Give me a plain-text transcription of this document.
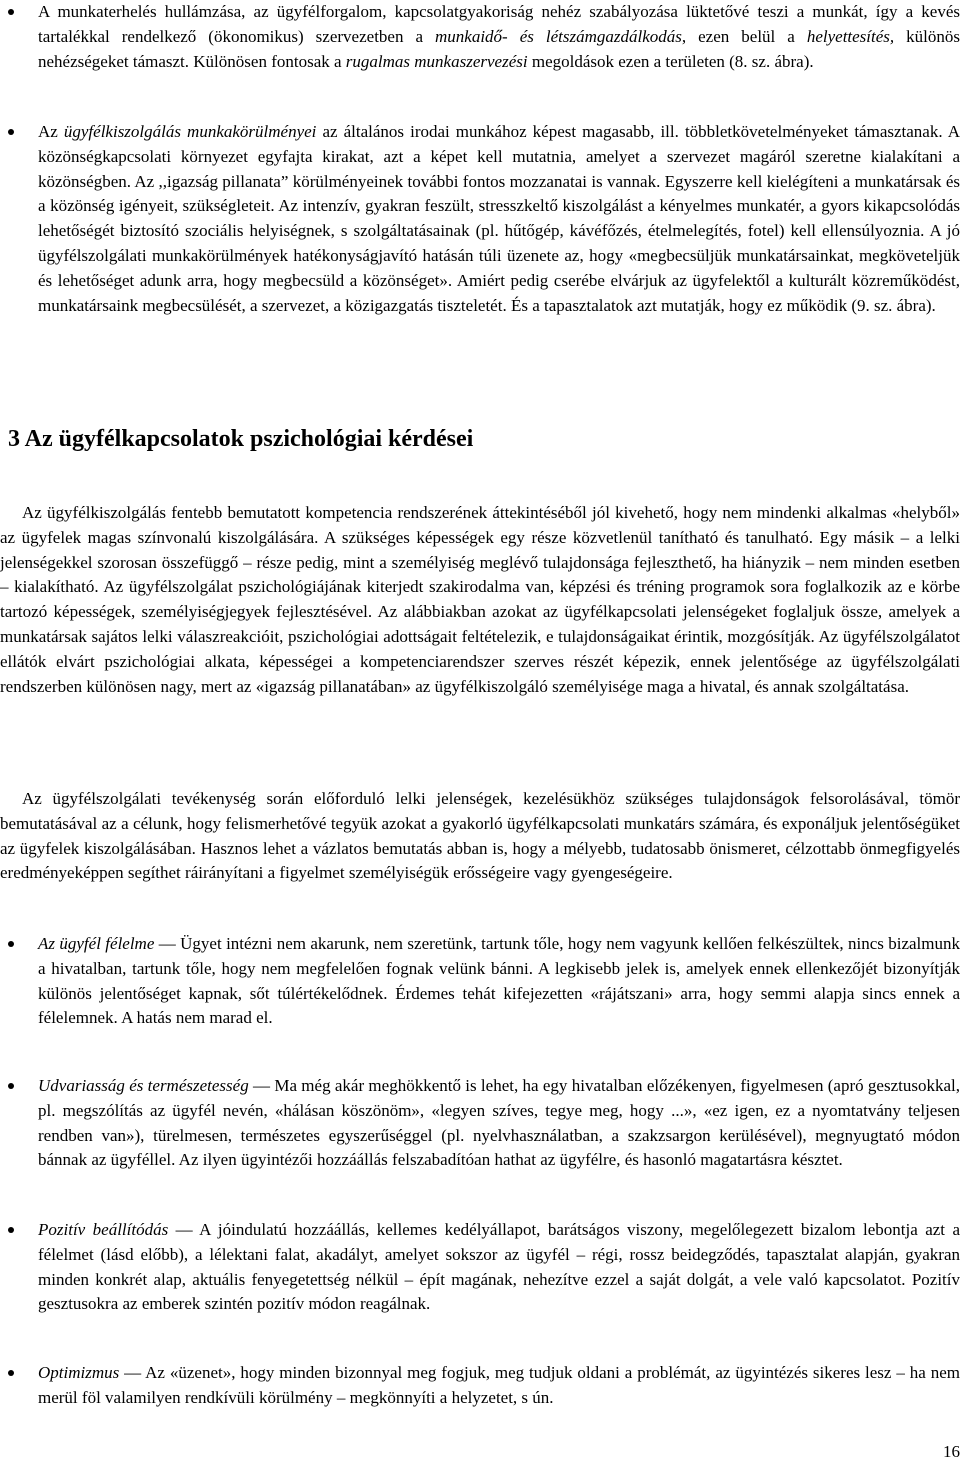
A munkaterhelés hullámzása, az ügyfélforgalom, kapcsolatgyakoriság nehéz szabályozása lüktetővé teszi a munkát, így a kevés tartalékkal rendelkező (ökonomikus) szervezetben a munkaidő- és létszámgazdálkodás, ezen belül a helyettesítés, különös nehézségeket támaszt. Különösen fontosak a rugalmas munkaszervezési megoldások ezen a területen (8. sz. ábra).

Az ügyfélkiszolgálás munkakörülményei az általános irodai munkához képest magasabb, ill. többletkövetelményeket támasztanak. A közönségkapcsolati környezet egyfajta kirakat, azt a képet kell mutatnia, amelyet a szervezet magáról szeretne kialakítani a közönségben. Az ,,igazság pillanata” körülményeinek további fontos mozzanatai is vannak. Egyszerre kell kielégíteni a munkatársak és a közönség igényeit, szükségleteit. Az intenzív, gyakran feszült, stresszkeltő kiszolgálást a kényelmes munkatér, a gyors kikapcsolódás lehetőségét biztosító szociális helyiségnek, s szolgáltatásainak (pl. hűtőgép, kávéfőzés, ételmelegítés, fotel) kell ellensúlyoznia. A jó ügyfélszolgálati munkakörülmények hatékonyságjavító hatásán túli üzenete az, hogy «megbecsüljük munkatársainkat, megköveteljük és lehetőséget adunk arra, hogy megbecsüld a közönséget». Amiért pedig cserébe elvárjuk az ügyfelektől a kulturált közreműködést, munkatársaink megbecsülését, a szervezet, a közigazgatás tiszteletét. És a tapasztalatok azt mutatják, hogy ez működik (9. sz. ábra).

3 Az ügyfélkapcsolatok pszichológiai kérdései

Az ügyfélkiszolgálás fentebb bemutatott kompetencia rendszerének áttekintéséből jól kivehető, hogy nem mindenki alkalmas «helyből» az ügyfelek magas színvonalú kiszolgálására. A szükséges képességek egy része közvetlenül tanítható és tanulható. Egy másik – a lelki jelenségekkel szorosan összefüggő – része pedig, mint a személyiség meglévő tulajdonsága fejleszthető, ha hiányzik – nem minden esetben – kialakítható. Az ügyfélszolgálat pszichológiájának kiterjedt szakirodalma van, képzési és tréning programok sora foglalkozik az e körbe tartozó képességek, személyiségjegyek fejlesztésével. Az alábbiakban azokat az ügyfélkapcsolati jelenségeket foglaljuk össze, amelyek a munkatársak sajátos lelki válaszreakcióit, pszichológiai adottságait feltételezik, e tulajdonságaikat érintik, mozgósítják. Az ügyfélszolgálatot ellátók elvárt pszichológiai alkata, képességei a kompetenciarendszer szerves részét képezik, ennek jelentősége az ügyfélszolgálati rendszerben különösen nagy, mert az «igazság pillanatában» az ügyfélkiszolgáló személyisége maga a hivatal, és annak szolgáltatása.

Az ügyfélszolgálati tevékenység során előforduló lelki jelenségek, kezelésükhöz szükséges tulajdonságok felsorolásával, tömör bemutatásával az a célunk, hogy felismerhetővé tegyük azokat a gyakorló ügyfélkapcsolati munkatárs számára, és exponáljuk jelentőségüket az ügyfelek kiszolgálásában. Hasznos lehet a vázlatos bemutatás abban is, hogy a mélyebb, tudatosabb önismeret, célzottabb önmegfigyelés eredményeképpen segíthet ráirányítani a figyelmet személyiségük erősségeire vagy gyengeségeire.

Az ügyfél félelme — Ügyet intézni nem akarunk, nem szeretünk, tartunk tőle, hogy nem vagyunk kellően felkészültek, nincs bizalmunk a hivatalban, tartunk tőle, hogy nem megfelelően fognak velünk bánni. A legkisebb jelek is, amelyek ennek ellenkezőjét bizonyítják különös jelentőséget kapnak, sőt túlértékelődnek. Érdemes tehát kifejezetten «rájátszani» arra, hogy semmi alapja sincs ennek a félelemnek. A hatás nem marad el.

Udvariasság és természetesség — Ma még akár meghökkentő is lehet, ha egy hivatalban előzékenyen, figyelmesen (apró gesztusokkal, pl. megszólítás az ügyfél nevén, «hálásan köszönöm», «legyen szíves, tegye meg, hogy ...», «ez igen, ez a nyomtatvány teljesen rendben van»), türelmesen, természetes egyszerűséggel (pl. nyelvhasználatban, a szakzsargon kerülésével), megnyugtató módon bánnak az ügyféllel. Az ilyen ügyintézői hozzáállás felszabadítóan hathat az ügyfélre, és hasonló magatartásra késztet.

Pozitív beállítódás — A jóindulatú hozzáállás, kellemes kedélyállapot, barátságos viszony, megelőlegezett bizalom lebontja azt a félelmet (lásd előbb), a lélektani falat, akadályt, amelyet sokszor az ügyfél – régi, rossz beidegződés, tapasztalat alapján, gyakran minden konkrét alap, aktuális fenyegetettség nélkül – épít magának, nehezítve ezzel a saját dolgát, a vele való kapcsolatot. Pozitív gesztusokra az emberek szintén pozitív módon reagálnak.

Optimizmus — Az «üzenet», hogy minden bizonnyal meg fogjuk, meg tudjuk oldani a problémát, az ügyintézés sikeres lesz – ha nem merül föl valamilyen rendkívüli körülmény – megkönnyíti a helyzetet, s ún.

16
